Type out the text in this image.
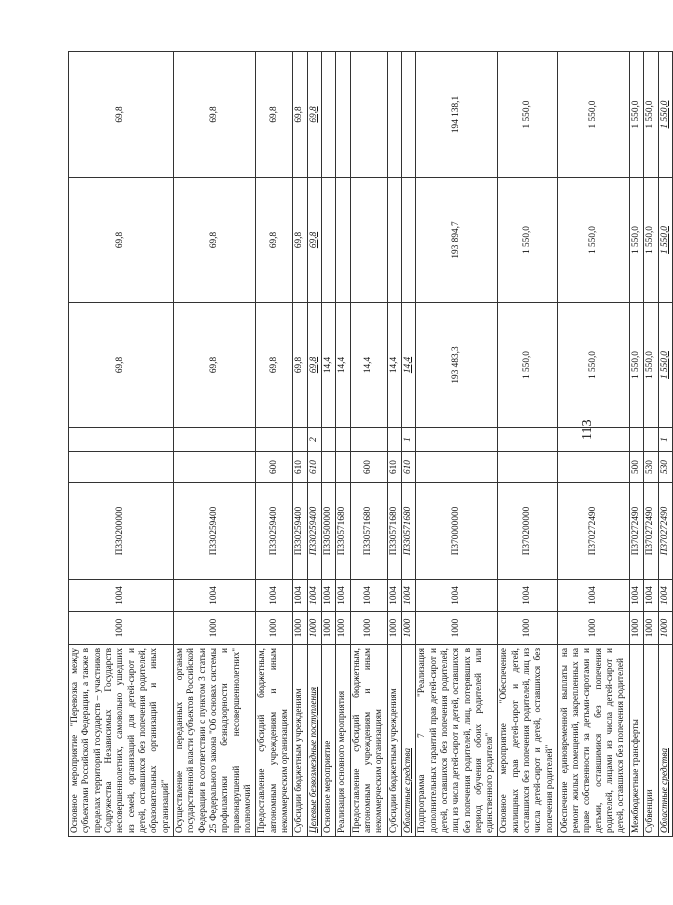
113
Основное мероприятие "Перевозка между субъектами Российской Федерации, а также в пределах территорий государств – участников Содружества Независимых Государств несовершеннолетних, самовольно ушедших из семей, организаций для детей-сирот и детей, оставшихся без попечения родителей, образовательных организаций и иных организаций"	1000	1004	П330200000			69,8	69,8	69,8
Осуществление переданных органам государственной власти субъектов Российской Федерации в соответствии с пунктом 3 статьи 25 Федерального закона "Об основах системы профилактики безнадзорности и правонарушений несовершеннолетних" полномочий	1000	1004	П330259400			69,8	69,8	69,8
Предоставление субсидий бюджетным, автономным учреждениям и иным некоммерческим организациям	1000	1004	П330259400	600		69,8	69,8	69,8
Субсидии бюджетным учреждениям	1000	1004	П330259400	610		69,8	69,8	69,8
Целевые безвозмездные поступления	1000	1004	П330259400	610	2	69,8	69,8	69,8
Основное мероприятие	1000	1004	П330500000			14,4		
Реализация основного мероприятия	1000	1004	П330571680			14,4		
Предоставление субсидий бюджетным, автономным учреждениям и иным некоммерческим организациям	1000	1004	П330571680	600		14,4		
Субсидии бюджетным учреждениям	1000	1004	П330571680	610		14,4		
Областные средства	1000	1004	П330571680	610	1	14,4		
Подпрограмма 7 "Реализация дополнительных гарантий прав детей-сирот и детей, оставшихся без попечения родителей, лиц из числа детей-сирот и детей, оставшихся без попечения родителей, лиц, потерявших в период обучения обоих родителей или единственного родителя"	1000	1004	П370000000			193 483,3	193 894,7	194 138,1
Основное мероприятие "Обеспечение жилищных прав детей-сирот и детей, оставшихся без попечения родителей, лиц из числа детей-сирот и детей, оставшихся без попечения родителей"	1000	1004	П370200000			1 550,0	1 550,0	1 550,0
Обеспечение единовременной выплаты на ремонт жилых помещений, закрепленных на праве собственности за детьми-сиротами и детьми, оставшимися без попечения родителей, лицами из числа детей-сирот и детей, оставшихся без попечения родителей	1000	1004	П370272490			1 550,0	1 550,0	1 550,0
Межбюджетные трансферты	1000	1004	П370272490	500		1 550,0	1 550,0	1 550,0
Субвенции	1000	1004	П370272490	530		1 550,0	1 550,0	1 550,0
Областные средства	1000	1004	П370272490	530	1	1 550,0	1 550,0	1 550,0
